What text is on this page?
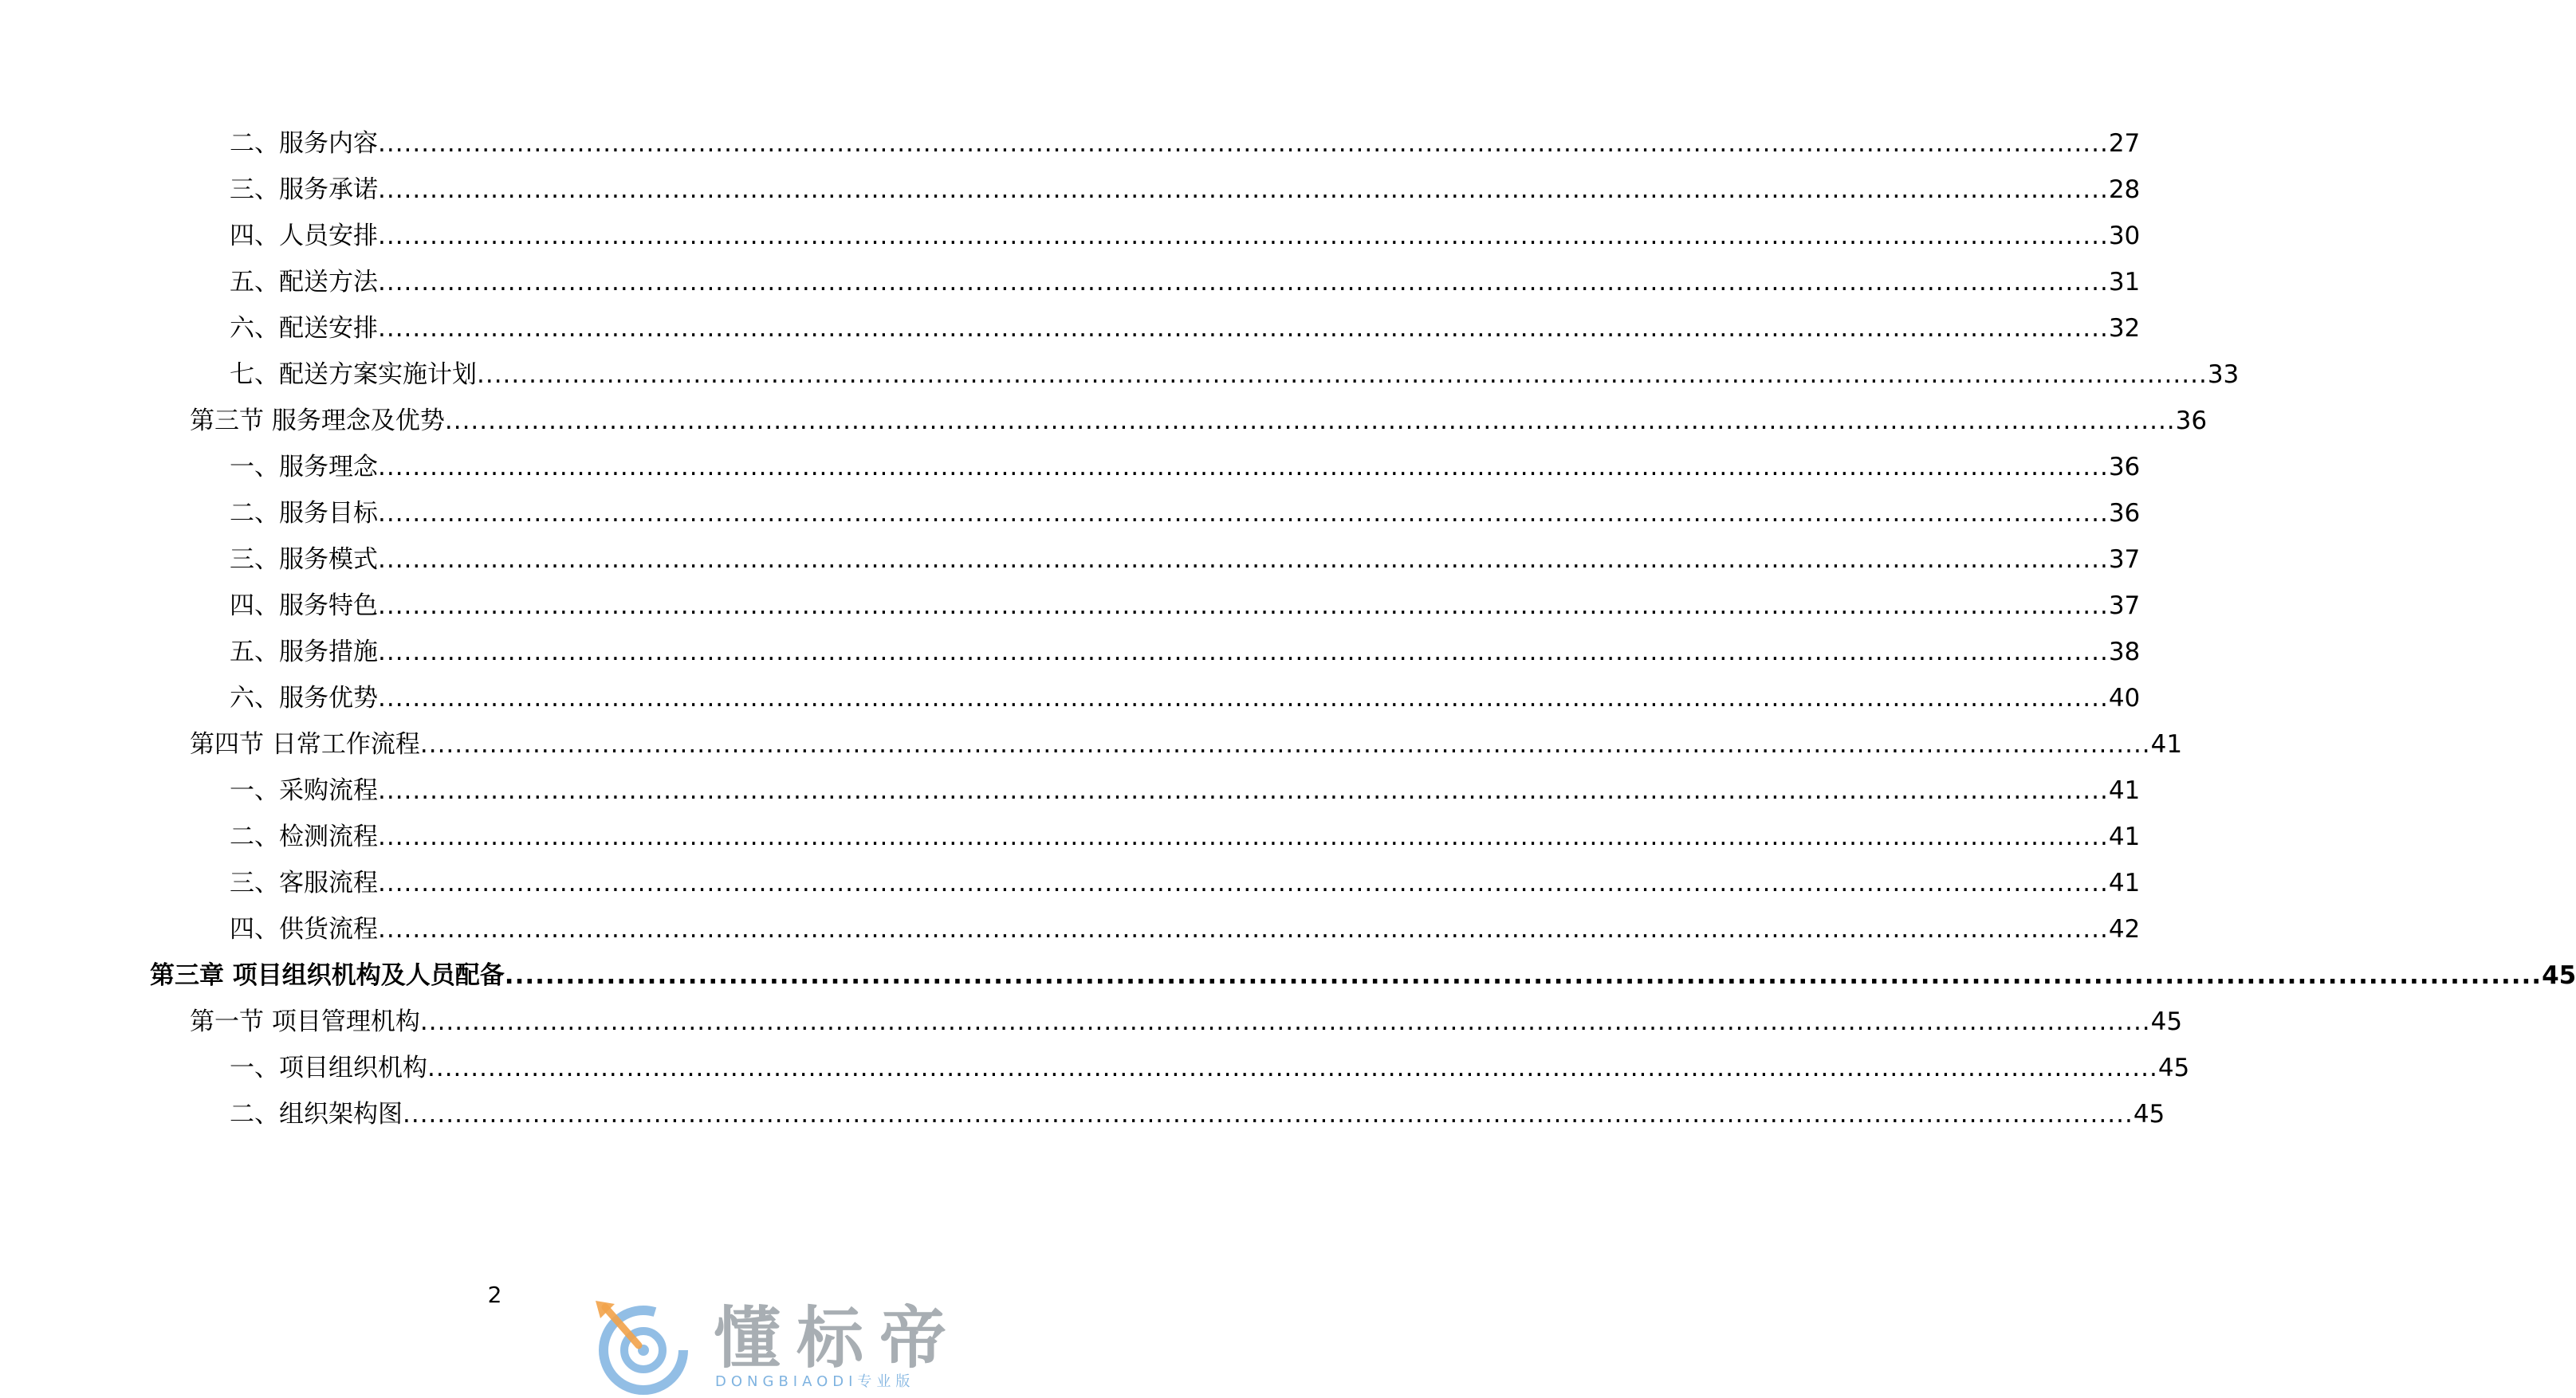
二、服务内容 ........................................................................................................................................................................................................ 27
三、服务承诺 ........................................................................................................................................................................................................ 28
四、人员安排 ........................................................................................................................................................................................................ 30
五、配送方法 ........................................................................................................................................................................................................ 31
六、配送安排 ........................................................................................................................................................................................................ 32
七、配送方案实施计划 ........................................................................................................................................................................................................ 33
第三节 服务理念及优势 ........................................................................................................................................................................................................ 36
一、服务理念 ........................................................................................................................................................................................................ 36
二、服务目标 ........................................................................................................................................................................................................ 36
三、服务模式 ........................................................................................................................................................................................................ 37
四、服务特色 ........................................................................................................................................................................................................ 37
五、服务措施 ........................................................................................................................................................................................................ 38
六、服务优势 ........................................................................................................................................................................................................ 40
第四节 日常工作流程 ........................................................................................................................................................................................................ 41
一、采购流程 ........................................................................................................................................................................................................ 41
二、检测流程 ........................................................................................................................................................................................................ 41
三、客服流程 ........................................................................................................................................................................................................ 41
四、供货流程 ........................................................................................................................................................................................................ 42
第三章 项目组织机构及人员配备 ........................................................................................................................................................................................................ 45
第一节 项目管理机构 ........................................................................................................................................................................................................ 45
一、项目组织机构 ........................................................................................................................................................................................................ 45
二、组织架构图 ........................................................................................................................................................................................................ 45
2
懂标帝
DONGBIAODI专业版
